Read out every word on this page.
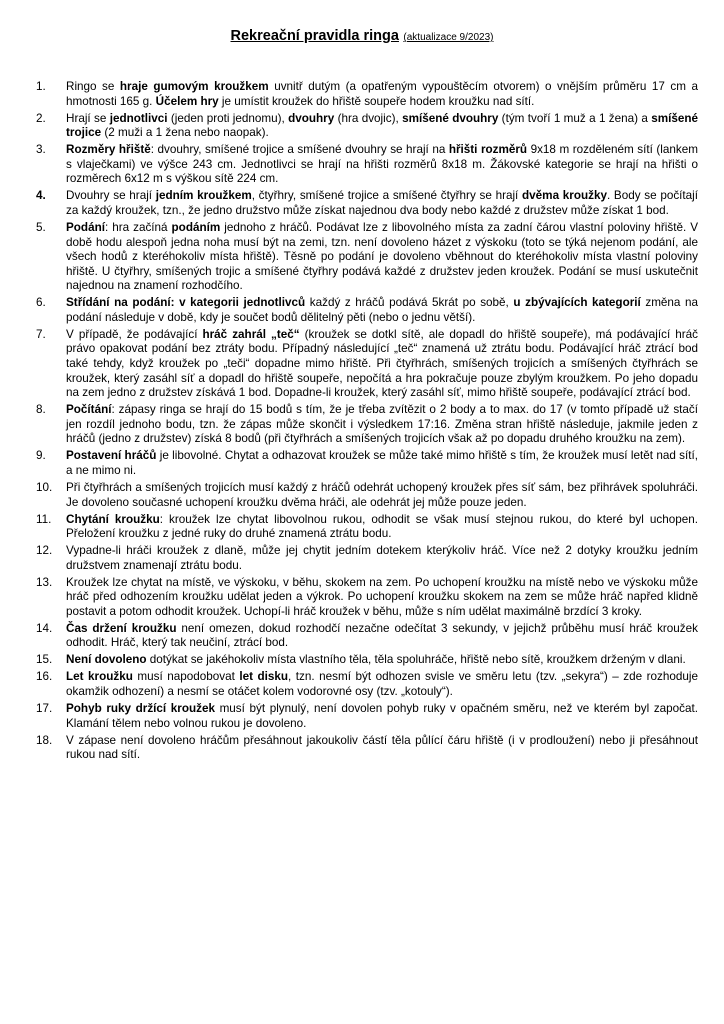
Rekreační pravidla ringa (aktualizace 9/2023)
1.	Ringo se hraje gumovým kroužkem uvnitř dutým (a opatřeným vypouštěcím otvorem) o vnějším průměru 17 cm a hmotnosti 165 g. Účelem hry je umístit kroužek do hřiště soupeře hodem kroužku nad sítí.
2.	Hrají se jednotlivci (jeden proti jednomu), dvouhry (hra dvojic), smíšené dvouhry (tým tvoří 1 muž a 1 žena) a smíšené trojice (2 muži a 1 žena nebo naopak).
3.	Rozměry hřiště: dvouhry, smíšené trojice a smíšené dvouhry se hrají na hřišti rozměrů 9x18 m rozděleném sítí (lankem s vlaječkami) ve výšce 243 cm. Jednotlivci se hrají na hřišti rozměrů 8x18 m. Žákovské kategorie se hrají na hřišti o rozměrech 6x12 m s výškou sítě 224 cm.
4.	Dvouhry se hrají jedním kroužkem, čtyřhry, smíšené trojice a smíšené čtyřhry se hrají dvěma kroužky. Body se počítají za každý kroužek, tzn., že jedno družstvo může získat najednou dva body nebo každé z družstev může získat 1 bod.
5.	Podání: hra začíná podáním jednoho z hráčů. Podávat lze z libovolného místa za zadní čárou vlastní poloviny hřiště. V době hodu alespoň jedna noha musí být na zemi, tzn. není dovoleno házet z výskoku (toto se týká nejenom podání, ale všech hodů z kteréhokoliv místa hřiště). Těsně po podání je dovoleno vběhnout do kteréhokoliv místa vlastní poloviny hřiště. U čtyřhry, smíšených trojic a smíšené čtyřhry podává každé z družstev jeden kroužek. Podání se musí uskutečnit najednou na znamení rozhodčího.
6.	Střídání na podání: v kategorii jednotlivců každý z hráčů podává 5krát po sobě, u zbývajících kategorií změna na podání následuje v době, kdy je součet bodů dělitelný pěti (nebo o jednu větší).
7.	V případě, že podávající hráč zahrál „teč“ (kroužek se dotkl sítě, ale dopadl do hřiště soupeře), má podávající hráč právo opakovat podání bez ztráty bodu. Případný následující „teč“ znamená už ztrátu bodu. Podávající hráč ztrácí bod také tehdy, když kroužek po „teči“ dopadne mimo hřiště. Při čtyřhrách, smíšených trojicích a smíšených čtyřhrách se kroužek, který zasáhl síť a dopadl do hřiště soupeře, nepočítá a hra pokračuje pouze zbylým kroužkem. Po jeho dopadu na zem jedno z družstev získává 1 bod. Dopadne-li kroužek, který zasáhl síť, mimo hřiště soupeře, podávající ztrácí bod.
8.	Počítání: zápasy ringa se hrají do 15 bodů s tím, že je třeba zvítězit o 2 body a to max. do 17 (v tomto případě už stačí jen rozdíl jednoho bodu, tzn. že zápas může skončit i výsledkem 17:16. Změna stran hřiště následuje, jakmile jeden z hráčů (jedno z družstev) získá 8 bodů (při čtyřhrách a smíšených trojicích však až po dopadu druhého kroužku na zem).
9.	Postavení hráčů je libovolné. Chytat a odhazovat kroužek se může také mimo hřiště s tím, že kroužek musí letět nad sítí, a ne mimo ni.
10.	Při čtyřhrách a smíšených trojicích musí každý z hráčů odehrát uchopený kroužek přes síť sám, bez přihrávek spoluhráči. Je dovoleno současné uchopení kroužku dvěma hráči, ale odehrát jej může pouze jeden.
11.	Chytání kroužku: kroužek lze chytat libovolnou rukou, odhodit se však musí stejnou rukou, do které byl uchopen. Přeložení kroužku z jedné ruky do druhé znamená ztrátu bodu.
12.	Vypadne-li hráči kroužek z dlaně, může jej chytit jedním dotekem kterýkoliv hráč. Více než 2 dotyky kroužku jedním družstvem znamenají ztrátu bodu.
13.	Kroužek lze chytat na místě, ve výskoku, v běhu, skokem na zem. Po uchopení kroužku na místě nebo ve výskoku může hráč před odhozením kroužku udělat jeden a výkrok. Po uchopení kroužku skokem na zem se může hráč napřed klidně postavit a potom odhodit kroužek. Uchopí-li hráč kroužek v běhu, může s ním udělat maximálně brzdící 3 kroky.
14.	Čas držení kroužku není omezen, dokud rozhodčí nezačne odečítat 3 sekundy, v jejichž průběhu musí hráč kroužek odhodit. Hráč, který tak neučiní, ztrácí bod.
15.	Není dovoleno dotýkat se jakéhokoliv místa vlastního těla, těla spoluhráče, hřiště nebo sítě, kroužkem drženým v dlani.
16.	Let kroužku musí napodobovat let disku, tzn. nesmí být odhozen svisle ve směru letu (tzv. „sekyra“) – zde rozhoduje okamžik odhození) a nesmí se otáčet kolem vodorovné osy (tzv. „kotouly“).
17.	Pohyb ruky držící kroužek musí být plynulý, není dovolen pohyb ruky v opačném směru, než ve kterém byl započat. Klamání tělem nebo volnou rukou je dovoleno.
18.	V zápase není dovoleno hráčům přesáhnout jakoukoliv částí těla půlící čáru hřiště (i v prodloužení) nebo ji přesáhnout rukou nad sítí.
